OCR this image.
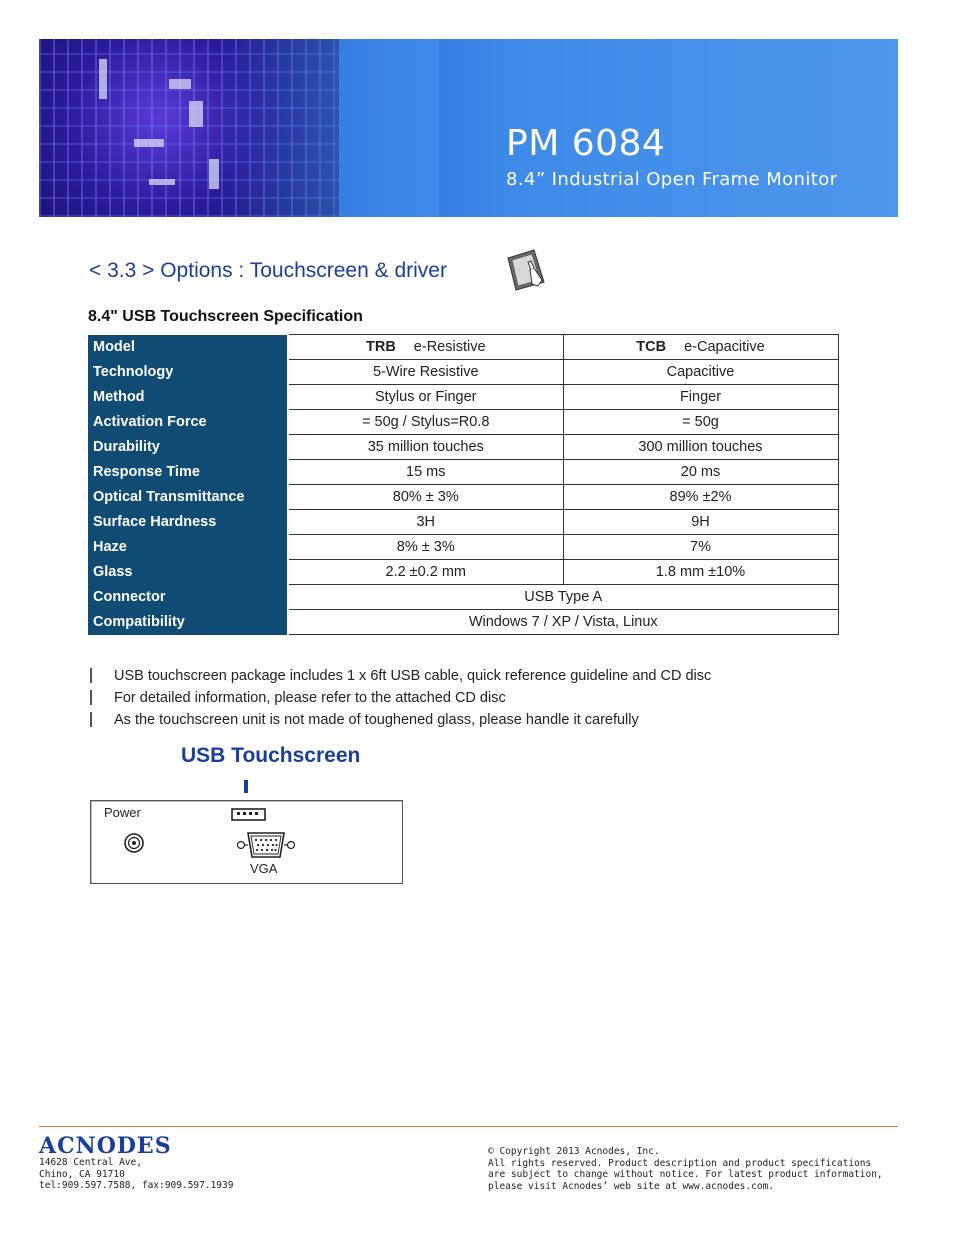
PM 6084
8.4” Industrial Open Frame Monitor
< 3.3 > Options : Touchscreen & driver
8.4" USB Touchscreen Specification
Model	TRB e-Resistive	TCB e-Capacitive
Technology	5-Wire Resistive	Capacitive
Method	Stylus or Finger	Finger
Activation Force	= 50g / Stylus=R0.8	= 50g
Durability	35 million touches	300 million touches
Response Time	15 ms	20 ms
Optical Transmittance	80% ± 3%	89% ±2%
Surface Hardness	3H	9H
Haze	8% ± 3%	7%
Glass	2.2 ±0.2 mm	1.8 mm ±10%
Connector	USB Type A	
Compatibility	Windows 7 / XP / Vista, Linux	
USB touchscreen package includes 1 x 6ft USB cable, quick reference guideline and CD disc
For detailed information, please refer to the attached CD disc
As the touchscreen unit is not made of toughened glass, please handle it carefully
USB Touchscreen
Power
VGA
ACNODES
14628 Central Ave,
Chino, CA 91710
tel:909.597.7588, fax:909.597.1939
© Copyright 2013 Acnodes, Inc.
All rights reserved. Product description and product specifications
are subject to change without notice. For latest product information,
please visit Acnodes’ web site at www.acnodes.com.
